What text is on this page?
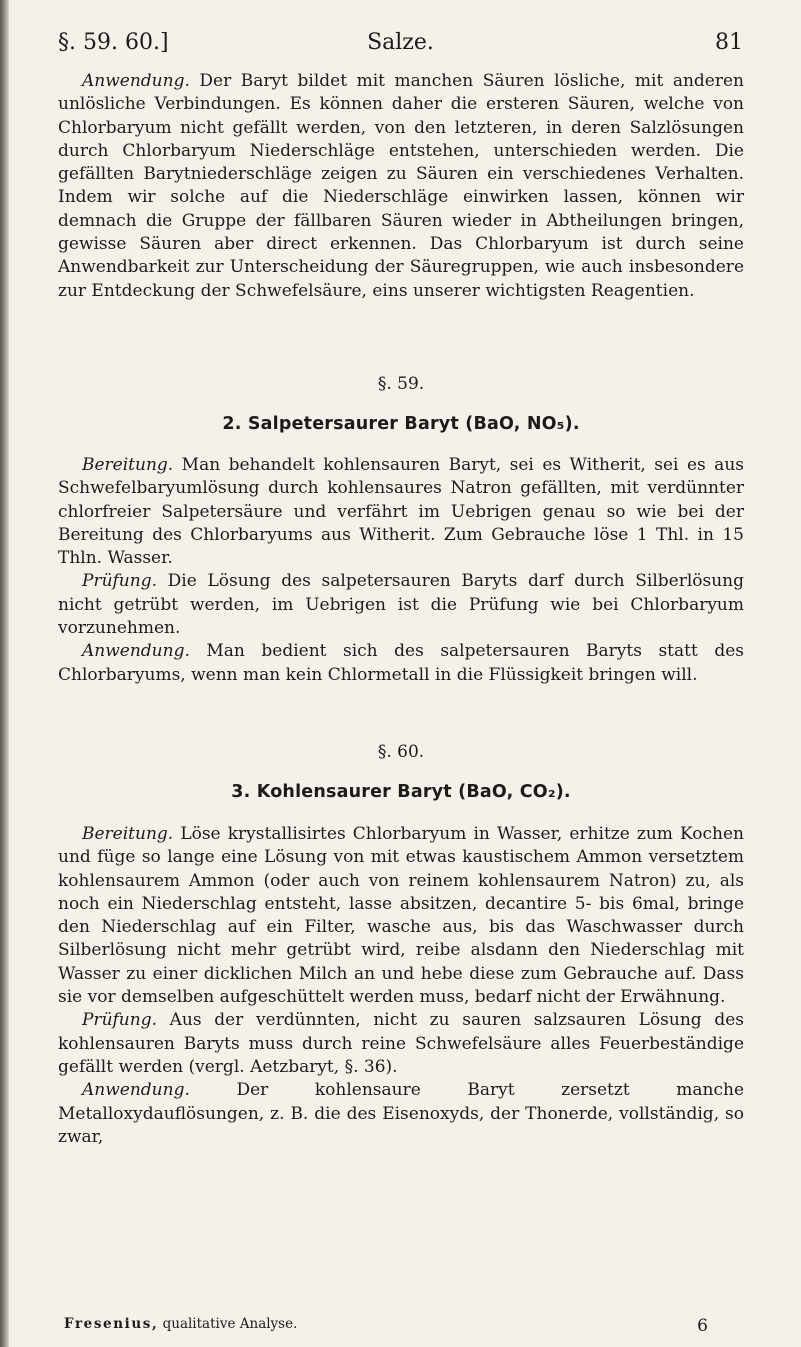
§. 59. 60.]	Salze.	81

Anwendung. Der Baryt bildet mit manchen Säuren lösliche, mit anderen unlösliche Verbindungen. Es können daher die ersteren Säuren, welche von Chlorbaryum nicht gefällt werden, von den letzteren, in deren Salzlösungen durch Chlorbaryum Niederschläge entstehen, unterschieden werden. Die gefällten Barytniederschläge zeigen zu Säuren ein verschiedenes Verhalten. Indem wir solche auf die Niederschläge einwirken lassen, können wir demnach die Gruppe der fällbaren Säuren wieder in Abtheilungen bringen, gewisse Säuren aber direct erkennen. Das Chlorbaryum ist durch seine Anwendbarkeit zur Unterscheidung der Säuregruppen, wie auch insbesondere zur Entdeckung der Schwefelsäure, eins unserer wichtigsten Reagentien.

§. 59.
2. Salpetersaurer Baryt (BaO, NO₅).

Bereitung. Man behandelt kohlensauren Baryt, sei es Witherit, sei es aus Schwefelbaryumlösung durch kohlensaures Natron gefällten, mit verdünnter chlorfreier Salpetersäure und verfährt im Uebrigen genau so wie bei der Bereitung des Chlorbaryums aus Witherit. Zum Gebrauche löse 1 Thl. in 15 Thln. Wasser.

Prüfung. Die Lösung des salpetersauren Baryts darf durch Silberlösung nicht getrübt werden, im Uebrigen ist die Prüfung wie bei Chlorbaryum vorzunehmen.

Anwendung. Man bedient sich des salpetersauren Baryts statt des Chlorbaryums, wenn man kein Chlormetall in die Flüssigkeit bringen will.

§. 60.
3. Kohlensaurer Baryt (BaO, CO₂).

Bereitung. Löse krystallisirtes Chlorbaryum in Wasser, erhitze zum Kochen und füge so lange eine Lösung von mit etwas kaustischem Ammon versetztem kohlensaurem Ammon (oder auch von reinem kohlensaurem Natron) zu, als noch ein Niederschlag entsteht, lasse absitzen, decantire 5- bis 6mal, bringe den Niederschlag auf ein Filter, wasche aus, bis das Waschwasser durch Silberlösung nicht mehr getrübt wird, reibe alsdann den Niederschlag mit Wasser zu einer dicklichen Milch an und hebe diese zum Gebrauche auf. Dass sie vor demselben aufgeschüttelt werden muss, bedarf nicht der Erwähnung.

Prüfung. Aus der verdünnten, nicht zu sauren salzsauren Lösung des kohlensauren Baryts muss durch reine Schwefelsäure alles Feuerbeständige gefällt werden (vergl. Aetzbaryt, §. 36).

Anwendung. Der kohlensaure Baryt zersetzt manche Metalloxydauflösungen, z. B. die des Eisenoxyds, der Thonerde, vollständig, so zwar,

Fresenius, qualitative Analyse.	6
